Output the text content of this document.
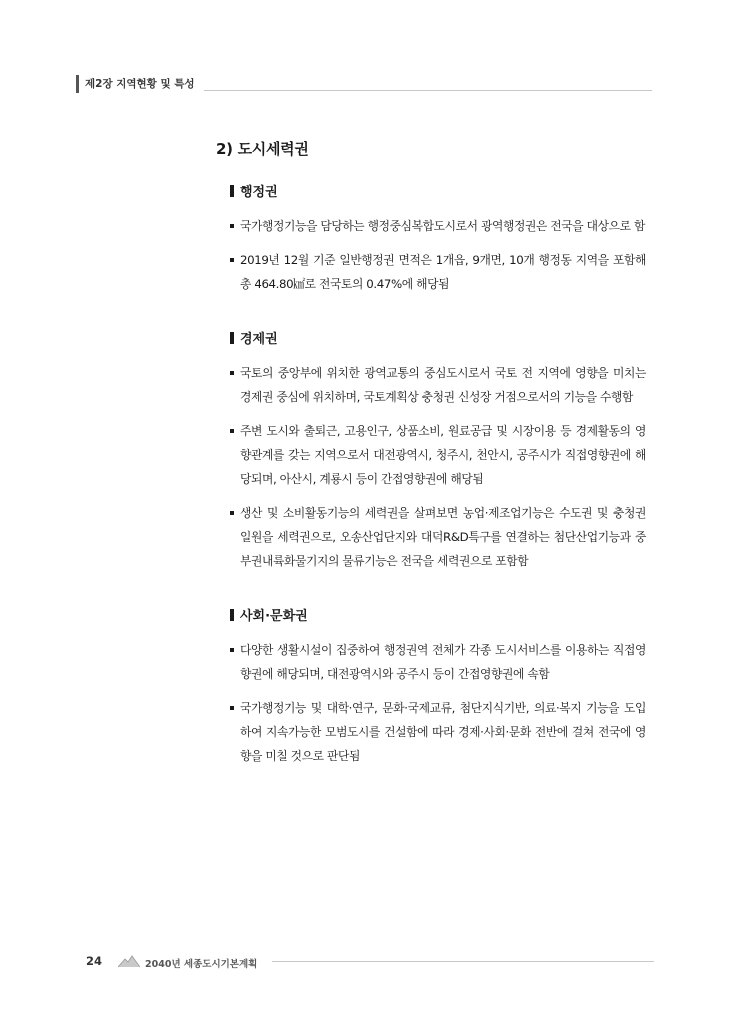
제2장 지역현황 및 특성
2) 도시세력권
행정권
국가행정기능을 담당하는 행정중심복합도시로서 광역행정권은 전국을 대상으로 함
2019년 12월 기준 일반행정권 면적은 1개읍, 9개면, 10개 행정동 지역을 포함해 총 464.80㎢로 전국토의 0.47%에 해당됨
경제권
국토의 중앙부에 위치한 광역교통의 중심도시로서 국토 전 지역에 영향을 미치는 경제권 중심에 위치하며, 국토계획상 충청권 신성장 거점으로서의 기능을 수행함
주변 도시와 출퇴근, 고용인구, 상품소비, 원료공급 및 시장이용 등 경제활동의 영향관계를 갖는 지역으로서 대전광역시, 청주시, 천안시, 공주시가 직접영향권에 해당되며, 아산시, 계룡시 등이 간접영향권에 해당됨
생산 및 소비활동기능의 세력권을 살펴보면 농업·제조업기능은 수도권 및 충청권 일원을 세력권으로, 오송산업단지와 대덕R&D특구를 연결하는 첨단산업기능과 중부권내륙화물기지의 물류기능은 전국을 세력권으로 포함함
사회·문화권
다양한 생활시설이 집중하여 행정권역 전체가 각종 도시서비스를 이용하는 직접영향권에 해당되며, 대전광역시와 공주시 등이 간접영향권에 속함
국가행정기능 및 대학·연구, 문화·국제교류, 첨단지식기반, 의료·복지 기능을 도입하여 지속가능한 모범도시를 건설함에 따라 경제·사회·문화 전반에 걸쳐 전국에 영향을 미칠 것으로 판단됨
24	2040년 세종도시기본계획
